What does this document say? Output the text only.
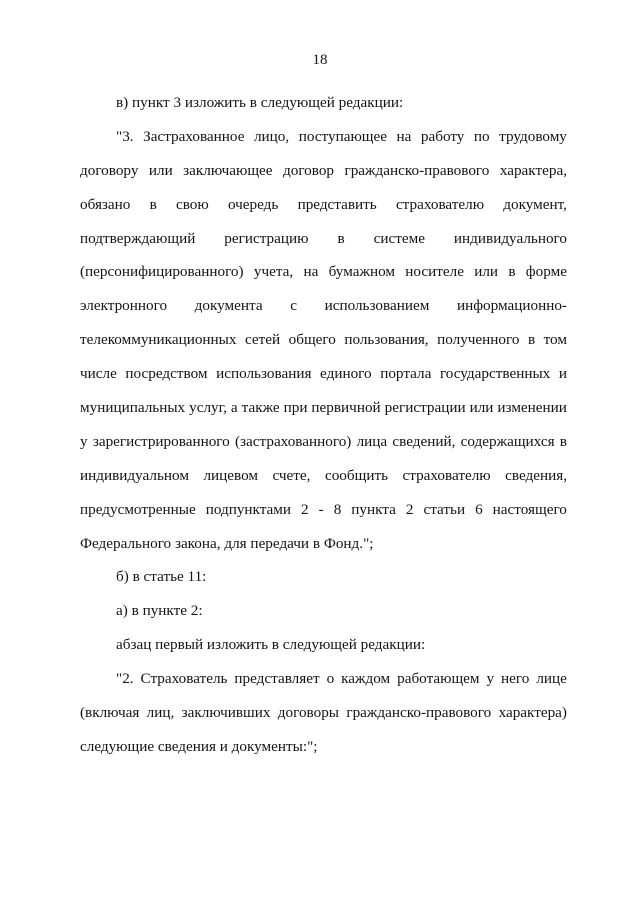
18

в) пункт 3 изложить в следующей редакции:

"3. Застрахованное лицо, поступающее на работу по трудовому
договору или заключающее договор гражданско-правового характера,
обязано в свою очередь представить страхователю документ,
подтверждающий регистрацию в системе индивидуального
(персонифицированного) учета, на бумажном носителе или в форме
электронного документа с использованием информационно-
телекоммуникационных сетей общего пользования, полученного в том
числе посредством использования единого портала государственных и
муниципальных услуг, а также при первичной регистрации или изменении
у зарегистрированного (застрахованного) лица сведений, содержащихся в
индивидуальном лицевом счете, сообщить страхователю сведения,
предусмотренные подпунктами 2 - 8 пункта 2 статьи 6 настоящего
Федерального закона, для передачи в Фонд.";

б) в статье 11:

а) в пункте 2:

абзац первый изложить в следующей редакции:

"2. Страхователь представляет о каждом работающем у него лице
(включая лиц, заключивших договоры гражданско-правового характера)
следующие сведения и документы:";
